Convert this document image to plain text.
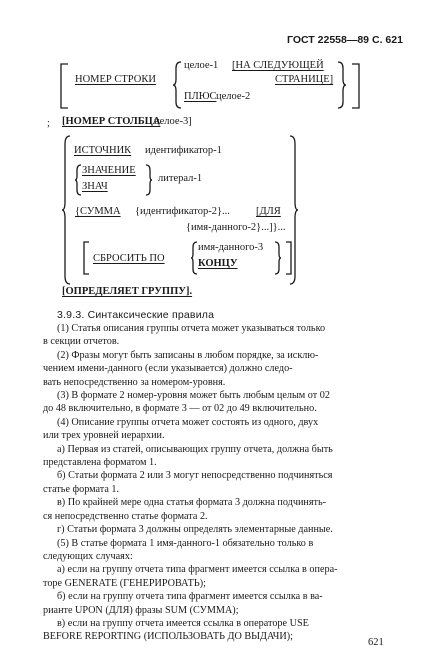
ГОСТ 22558—89 С. 621
НОМЕР СТРОКИ
целое-1 [НА СЛЕДУЮЩЕЙ
СТРАНИЦЕ]
ПЛЮС целое-2
; [НОМЕР СТОЛБЦА
целое-3]
ИСТОЧНИК идентификатор-1
ЗНАЧЕНИЕ
ЗНАЧ
литерал-1
{СУММА {идентификатор-2}... [ДЛЯ
{имя-данного-2}...]}...
СБРОСИТЬ ПО
имя-данного-3
КОНЦУ
[ОПРЕДЕЛЯЕТ ГРУППУ].
3.9.3. Синтаксические правила
(1) Статья описания группы отчета может указываться только
в секции отчетов.
(2) Фразы могут быть записаны в любом порядке, за исклю-
чением имени-данного (если указывается) должно следо-
вать непосредственно за номером-уровня.
(3) В формате 2 номер-уровня может быть любым целым от 02
до 48 включительно, в формате 3 — от 02 до 49 включительно.
(4) Описание группы отчета может состоять из одного, двух
или трех уровней иерархии.
а) Первая из статей, описывающих группу отчета, должна быть
представлена форматом 1.
б) Статьи формата 2 или 3 могут непосредственно подчиняться
статье формата 1.
в) По крайней мере одна статья формата 3 должна подчинять-
ся непосредственно статье формата 2.
г) Статьи формата 3 должны определять элементарные данные.
(5) В статье формата 1 имя-данного-1 обязательно только в
следующих случаях:
а) если на группу отчета типа фрагмент имеется ссылка в опера-
торе GENERATE (ГЕНЕРИРОВАТЬ);
б) если на группу отчета типа фрагмент имеется ссылка в ва-
рианте UPON (ДЛЯ) фразы SUM (СУММА);
в) если на группу отчета имеется ссылка в операторе USE
BEFORE REPORTING (ИСПОЛЬЗОВАТЬ ДО ВЫДАЧИ);
621
